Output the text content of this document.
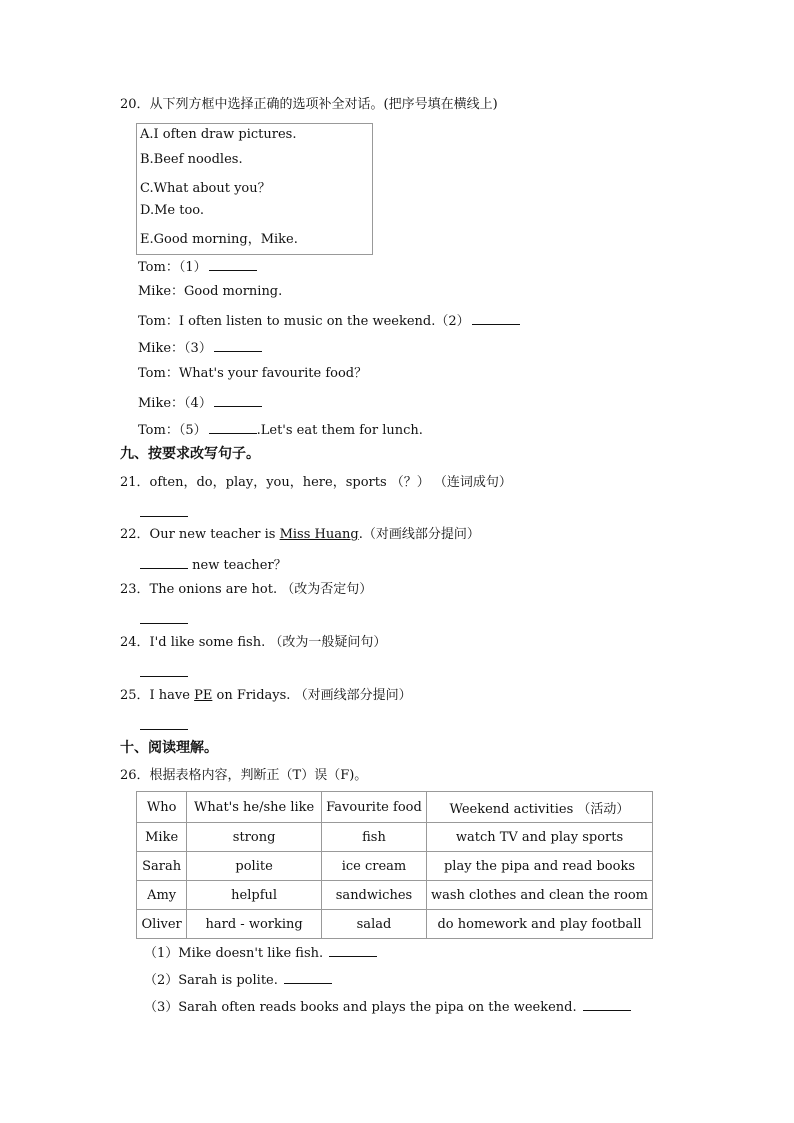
20．从下列方框中选择正确的选项补全对话。(把序号填在横线上)
A.I often draw pictures.
B.Beef noodles.
C.What about you？
D.Me too.
E.Good morning，Mike.
Tom：（1）
Mike：Good morning.
Tom：I often listen to music on the weekend.（2）
Mike：（3）
Tom：What's your favourite food？
Mike：（4）
Tom：（5）	.Let's eat them for lunch.
九、按要求改写句子。
21．often，do，play，you，here，sports （？） （连词成句）
22．Our new teacher is Miss Huang.（对画线部分提问）
new teacher？
23．The onions are hot. （改为否定句）
24．I'd like some fish. （改为一般疑问句）
25．I have PE on Fridays. （对画线部分提问）
十、阅读理解。
26．根据表格内容，判断正（T）误（F)。
Who	What's he/she like	Favourite food	Weekend activities （活动）
Mike	strong	fish	watch TV and play sports
Sarah	polite	ice cream	play the pipa and read books
Amy	helpful	sandwiches	wash clothes and clean the room
Oliver	hard - working	salad	do homework and play football
（1）Mike doesn't like fish.
（2）Sarah is polite.
（3）Sarah often reads books and plays the pipa on the weekend.
